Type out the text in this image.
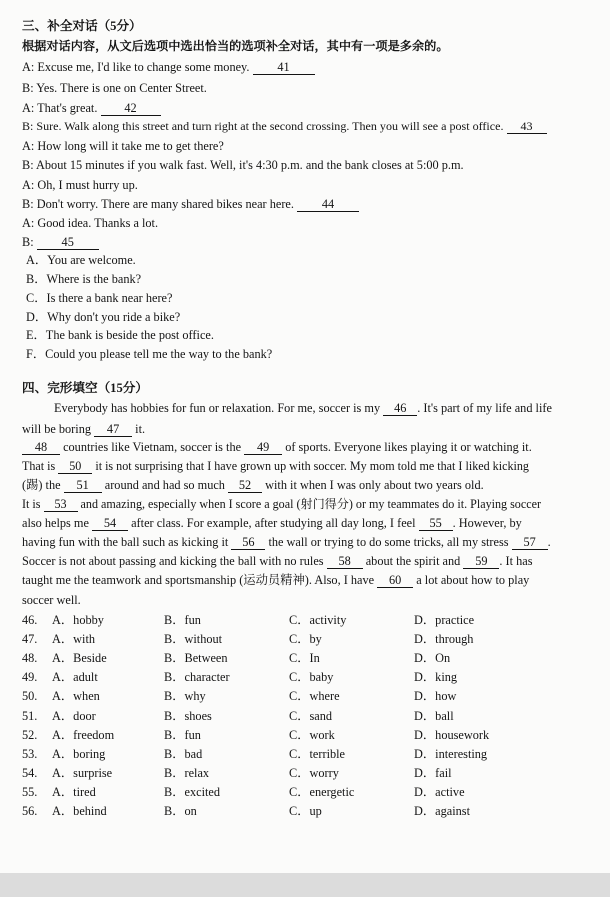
三、补全对话（5分）
根据对话内容，从文后选项中选出恰当的选项补全对话，其中有一项是多余的。
A: Excuse me, I'd like to change some money. 41
B: Yes. There is one on Center Street.
A: That's great. 42
B: Sure. Walk along this street and turn right at the second crossing. Then you will see a post office. 43
A: How long will it take me to get there?
B: About 15 minutes if you walk fast. Well, it's 4:30 p.m. and the bank closes at 5:00 p.m.
A: Oh, I must hurry up.
B: Don't worry. There are many shared bikes near here. 44
A: Good idea. Thanks a lot.
B: 45
A．You are welcome.
B．Where is the bank?
C．Is there a bank near here?
D．Why don't you ride a bike?
E．The bank is beside the post office.
F．Could you please tell me the way to the bank?
四、完形填空（15分）
Everybody has hobbies for fun or relaxation. For me, soccer is my 46 . It's part of my life and life
will be boring 47 it.
48 countries like Vietnam, soccer is the 49 of sports. Everyone likes playing it or watching it.
That is 50 it is not surprising that I have grown up with soccer. My mom told me that I liked kicking
(踢) the 51 around and had so much 52 with it when I was only about two years old.
It is 53 and amazing, especially when I score a goal (射门得分) or my teammates do it. Playing soccer
also helps me 54 after class. For example, after studying all day long, I feel 55 . However, by
having fun with the ball such as kicking it 56 the wall or trying to do some tricks, all my stress 57 .
Soccer is not about passing and kicking the ball with no rules 58 about the spirit and 59 . It has
taught me the teamwork and sportsmanship (运动员精神). Also, I have 60 a lot about how to play
soccer well.
46. A．hobby	B．fun	C．activity	D．practice
47. A．with	B．without	C．by	D．through
48. A．Beside	B．Between	C．In	D．On
49. A．adult	B．character	C．baby	D．king
50. A．when	B．why	C．where	D．how
51. A．door	B．shoes	C．sand	D．ball
52. A．freedom	B．fun	C．work	D．housework
53. A．boring	B．bad	C．terrible	D．interesting
54. A．surprise	B．relax	C．worry	D．fail
55. A．tired	B．excited	C．energetic	D．active
56. A．behind	B．on	C．up	D．against
